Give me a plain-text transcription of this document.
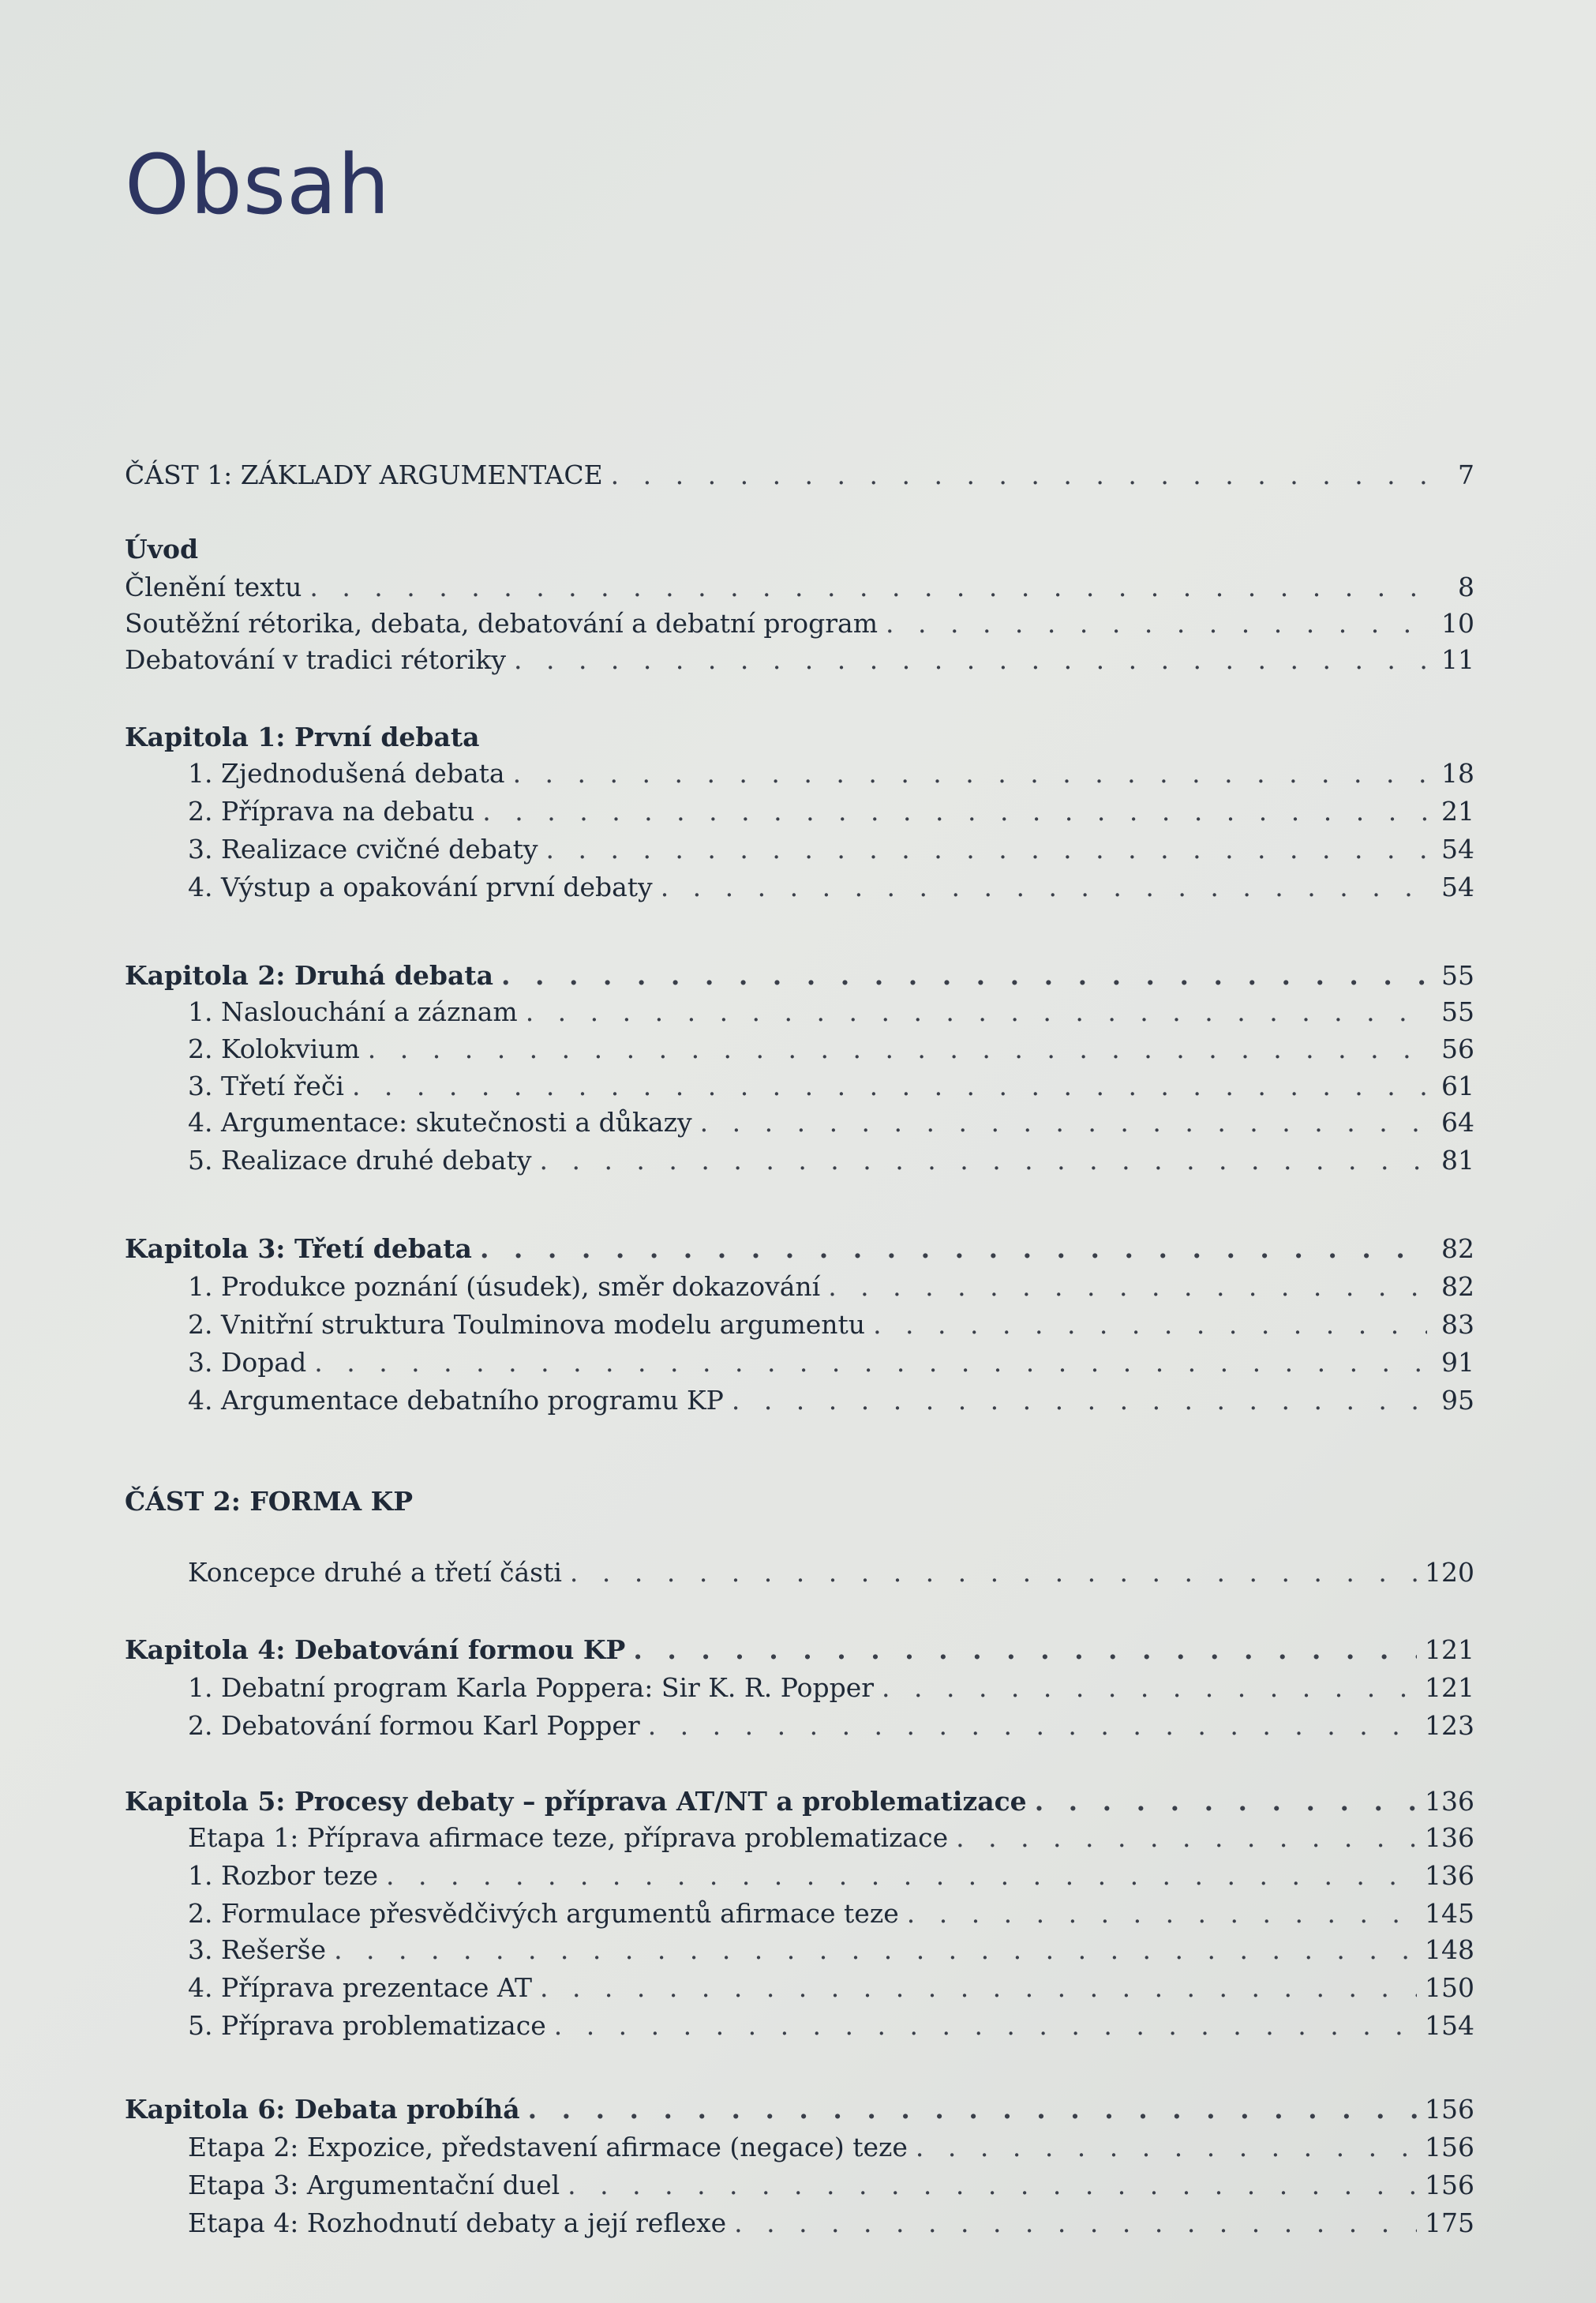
Obsah
ČÁST 1: ZÁKLADY ARGUMENTACE . . .	7
Úvod
Členění textu . . .	8
Soutěžní rétorika, debata, debatování a debatní program . . .	10
Debatování v tradici rétoriky . . .	11
Kapitola 1: První debata
1. Zjednodušená debata . . .	18
2. Příprava na debatu . . .	21
3. Realizace cvičné debaty . . .	54
4. Výstup a opakování první debaty . . .	54
Kapitola 2: Druhá debata . . .	55
1. Naslouchání a záznam . . .	55
2. Kolokvium . . .	56
3. Třetí řeči . . .	61
4. Argumentace: skutečnosti a důkazy . . .	64
5. Realizace druhé debaty . . .	81
Kapitola 3: Třetí debata . . .	82
1. Produkce poznání (úsudek), směr dokazování . . .	82
2. Vnitřní struktura Toulminova modelu argumentu . . .	83
3. Dopad . . .	91
4. Argumentace debatního programu KP . . .	95
ČÁST 2: FORMA KP
Koncepce druhé a třetí části . . .	120
Kapitola 4: Debatování formou KP . . .	121
1. Debatní program Karla Poppera: Sir K. R. Popper . . .	121
2. Debatování formou Karl Popper . . .	123
Kapitola 5: Procesy debaty – příprava AT/NT a problematizace . . .	136
Etapa 1: Příprava afirmace teze, příprava problematizace . . .	136
1. Rozbor teze . . .	136
2. Formulace přesvědčivých argumentů afirmace teze . . .	145
3. Rešerše . . .	148
4. Příprava prezentace AT . . .	150
5. Příprava problematizace . . .	154
Kapitola 6: Debata probíhá . . .	156
Etapa 2: Expozice, představení afirmace (negace) teze . . .	156
Etapa 3: Argumentační duel . . .	156
Etapa 4: Rozhodnutí debaty a její reflexe . . .	175
